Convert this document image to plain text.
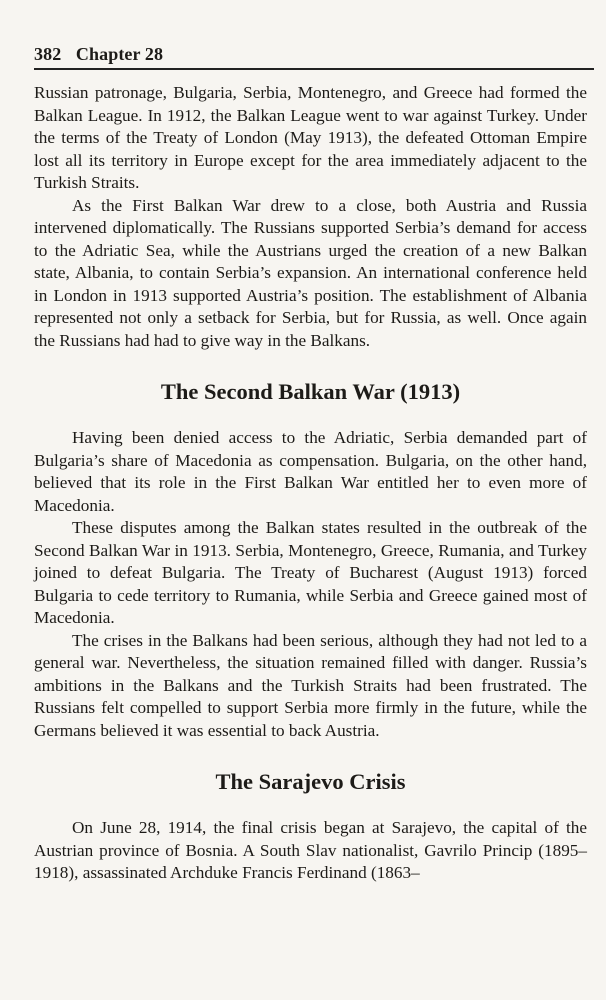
382 Chapter 28

Russian patronage, Bulgaria, Serbia, Montenegro, and Greece had formed the Balkan League. In 1912, the Balkan League went to war against Turkey. Under the terms of the Treaty of London (May 1913), the defeated Ottoman Empire lost all its territory in Europe except for the area immediately adjacent to the Turkish Straits.

As the First Balkan War drew to a close, both Austria and Russia intervened diplomatically. The Russians supported Serbia’s demand for access to the Adriatic Sea, while the Austrians urged the creation of a new Balkan state, Albania, to contain Serbia’s expansion. An international conference held in London in 1913 supported Austria’s position. The establishment of Albania represented not only a setback for Serbia, but for Russia, as well. Once again the Russians had had to give way in the Balkans.

The Second Balkan War (1913)

Having been denied access to the Adriatic, Serbia demanded part of Bulgaria’s share of Macedonia as compensation. Bulgaria, on the other hand, believed that its role in the First Balkan War entitled her to even more of Macedonia.

These disputes among the Balkan states resulted in the outbreak of the Second Balkan War in 1913. Serbia, Montenegro, Greece, Rumania, and Turkey joined to defeat Bulgaria. The Treaty of Bucharest (August 1913) forced Bulgaria to cede territory to Rumania, while Serbia and Greece gained most of Macedonia.

The crises in the Balkans had been serious, although they had not led to a general war. Nevertheless, the situation remained filled with danger. Russia’s ambitions in the Balkans and the Turkish Straits had been frustrated. The Russians felt compelled to support Serbia more firmly in the future, while the Germans believed it was essential to back Austria.

The Sarajevo Crisis

On June 28, 1914, the final crisis began at Sarajevo, the capital of the Austrian province of Bosnia. A South Slav nationalist, Gavrilo Princip (1895–1918), assassinated Archduke Francis Ferdinand (1863–
